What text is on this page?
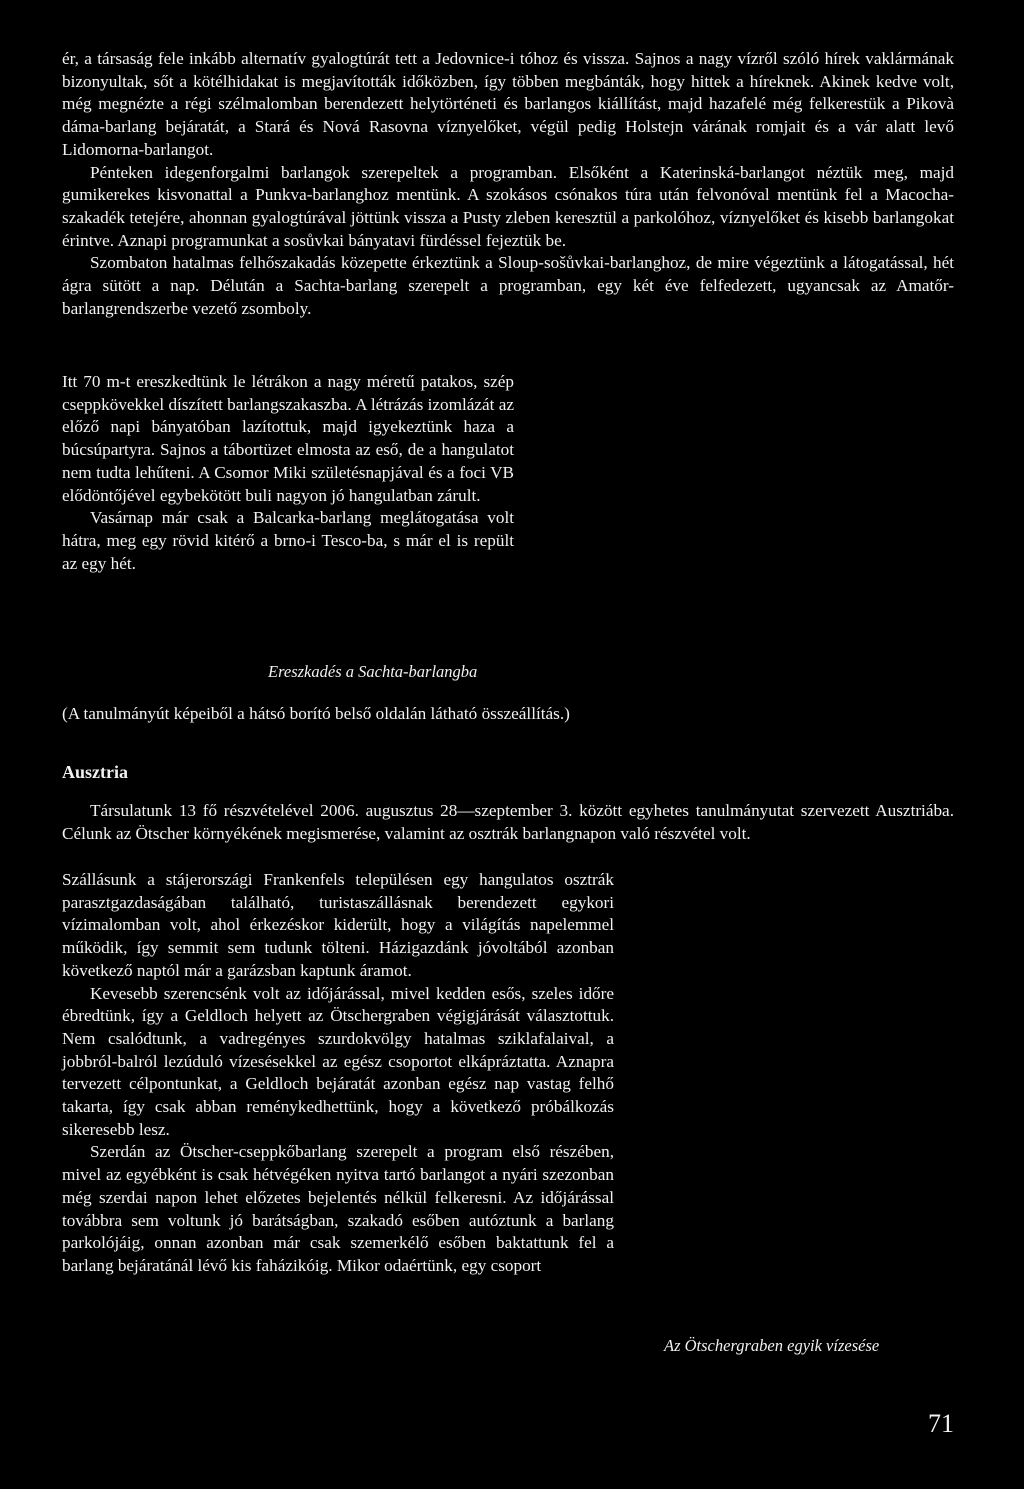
ér, a társaság fele inkább alternatív gyalogtúrát tett a Jedovnice-i tóhoz és vissza. Sajnos a nagy vízről szóló hírek vaklármának bizonyultak, sőt a kötélhidakat is megjavították időközben, így többen megbánták, hogy hittek a híreknek. Akinek kedve volt, még megnézte a régi szélmalomban berendezett helytörténeti és barlangos kiállítást, majd hazafelé még felkerestük a Pikovà dáma-barlang bejáratát, a Stará és Nová Rasovna víznyelőket, végül pedig Holstejn várának romjait és a vár alatt levő Lidomorna-barlangot.

Pénteken idegenforgalmi barlangok szerepeltek a programban. Elsőként a Katerinská-barlangot néztük meg, majd gumikerekes kisvonattal a Punkva-barlanghoz mentünk. A szokásos csónakos túra után felvonóval mentünk fel a Macocha-szakadék tetejére, ahonnan gyalogtúrával jöttünk vissza a Pusty zleben keresztül a parkolóhoz, víznyelőket és kisebb barlangokat érintve. Aznapi programunkat a sosůvkai bányatavi fürdéssel fejeztük be.

Szombaton hatalmas felhőszakadás közepette érkeztünk a Sloup-sošůvkai-barlanghoz, de mire végeztünk a látogatással, hét ágra sütött a nap. Délután a Sachta-barlang szerepelt a programban, egy két éve felfedezett, ugyancsak az Amatőr-barlangrendszerbe vezető zsomboly.

Itt 70 m-t ereszkedtünk le létrákon a nagy méretű patakos, szép cseppkövekkel díszített barlangszakaszba. A létrázás izomlázát az előző napi bányatóban lazítottuk, majd igyekeztünk haza a búcsúpartyra. Sajnos a tábortüzet elmosta az eső, de a hangulatot nem tudta lehűteni. A Csomor Miki születésnapjával és a foci VB elődöntőjével egybekötött buli nagyon jó hangulatban zárult.

Vasárnap már csak a Balcarka-barlang meglátogatása volt hátra, meg egy rövid kitérő a brno-i Tesco-ba, s már el is repült az egy hét.

Ereszkadés a Sachta-barlangba
(A tanulmányút képeiből a hátsó borító belső oldalán látható összeállítás.)
Ausztria

Társulatunk 13 fő részvételével 2006. augusztus 28—szeptember 3. között egyhetes tanulmányutat szervezett Ausztriába. Célunk az Ötscher környékének megismerése, valamint az osztrák barlangnapon való részvétel volt.

Szállásunk a stájerországi Frankenfels településen egy hangulatos osztrák parasztgazdaságában található, turistaszállásnak berendezett egykori vízimalomban volt, ahol érkezéskor kiderült, hogy a világítás napelemmel működik, így semmit sem tudunk tölteni. Házigazdánk jóvoltából azonban következő naptól már a garázsban kaptunk áramot.

Kevesebb szerencsénk volt az időjárással, mivel kedden esős, szeles időre ébredtünk, így a Geldloch helyett az Ötschergraben végigjárását választottuk. Nem csalódtunk, a vadregényes szurdokvölgy hatalmas sziklafalaival, a jobbról-balról lezúduló vízesésekkel az egész csoportot elkápráztatta. Aznapra tervezett célpontunkat, a Geldloch bejáratát azonban egész nap vastag felhő takarta, így csak abban reménykedhettünk, hogy a következő próbálkozás sikeresebb lesz.

Szerdán az Ötscher-cseppkőbarlang szerepelt a program első részében, mivel az egyébként is csak hétvégéken nyitva tartó barlangot a nyári szezonban még szerdai napon lehet előzetes bejelentés nélkül felkeresni. Az időjárással továbbra sem voltunk jó barátságban, szakadó esőben autóztunk a barlang parkolójáig, onnan azonban már csak szemerkélő esőben baktattunk fel a barlang bejáratánál lévő kis faházikóig. Mikor odaértünk, egy csoport

Az Ötschergraben egyik vízesése
71
